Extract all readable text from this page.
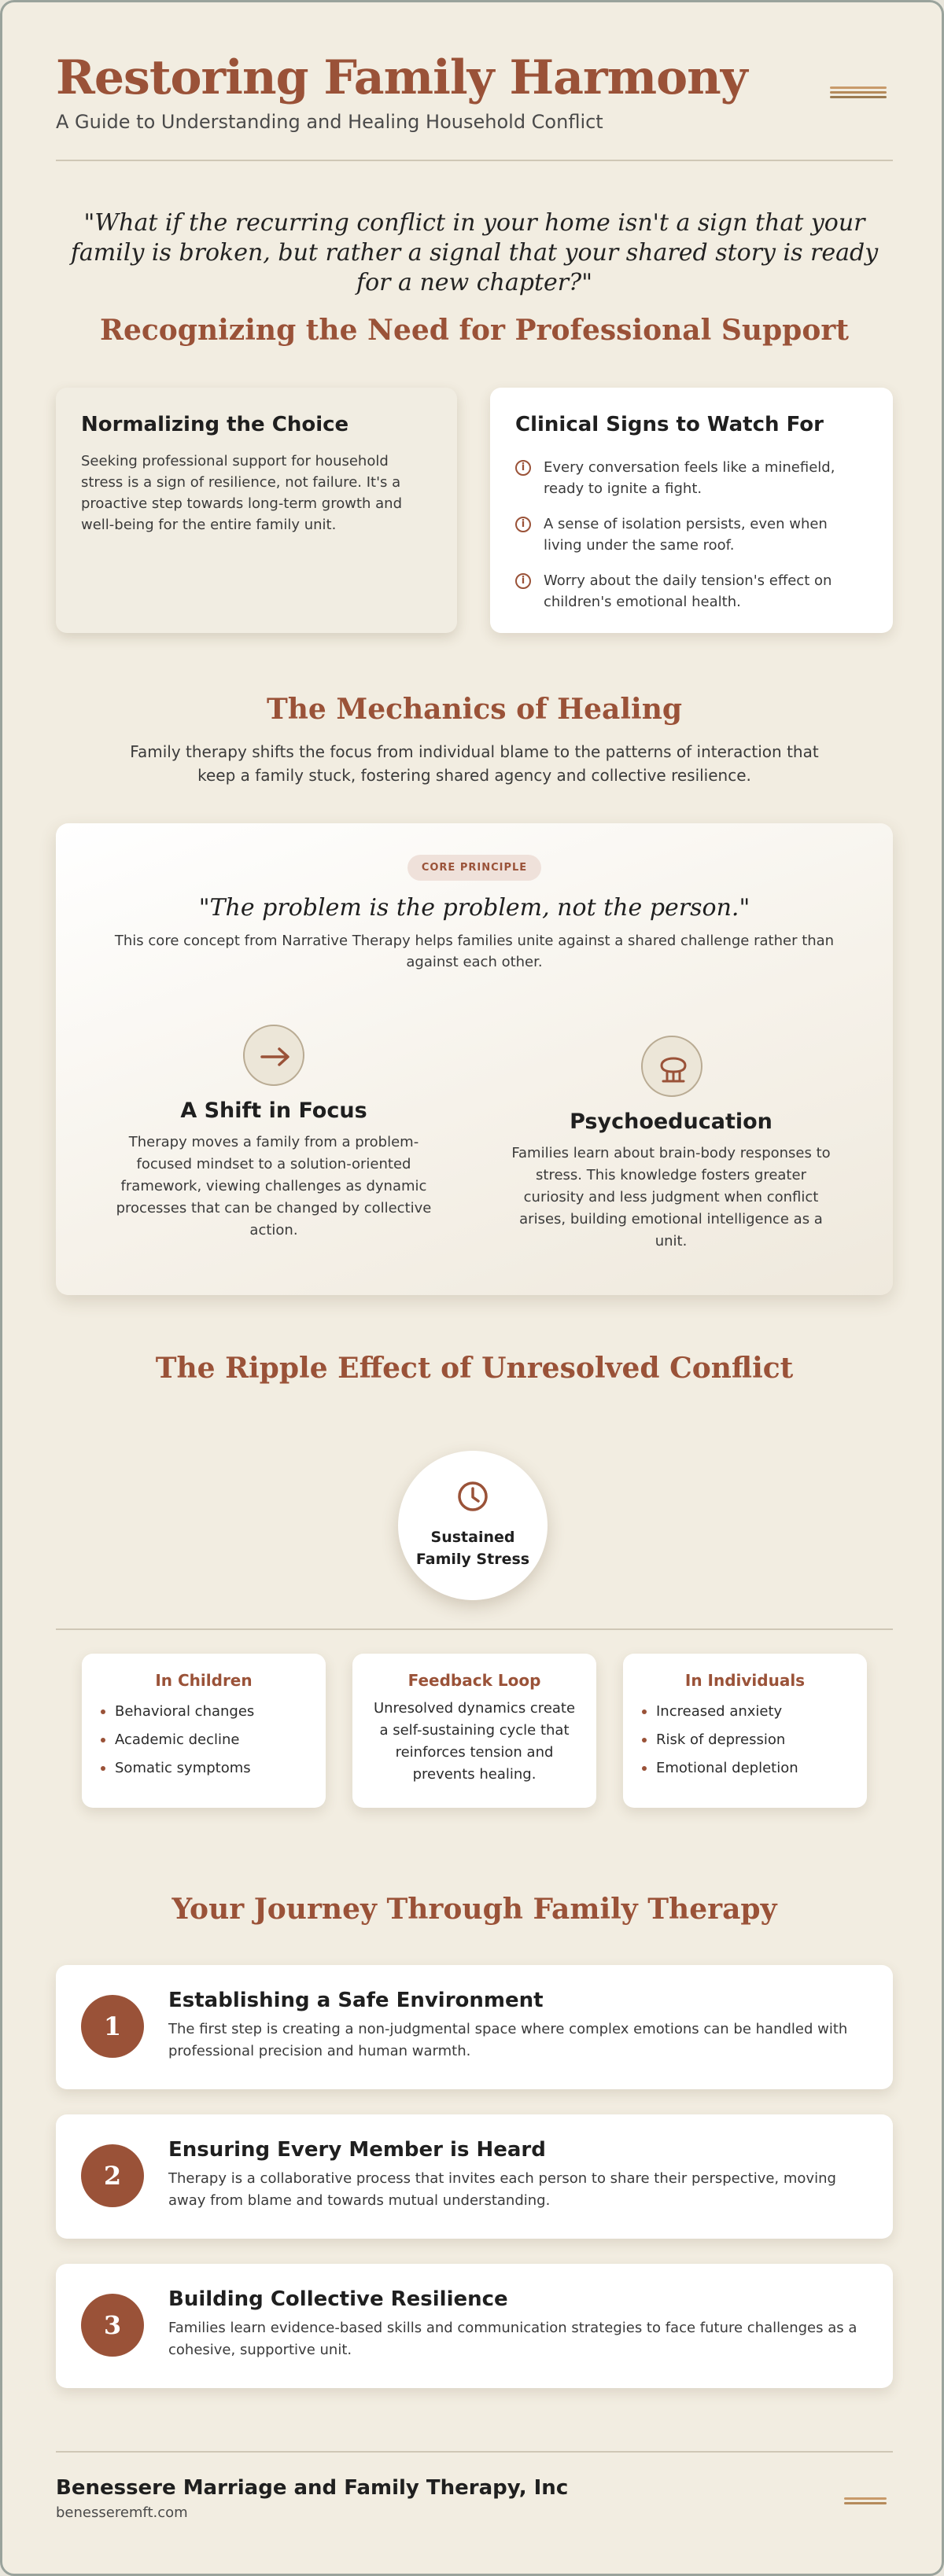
Restoring Family Harmony
A Guide to Understanding and Healing Household Conflict
"What if the recurring conflict in your home isn't a sign that your family is broken, but rather a signal that your shared story is ready for a new chapter?"
Recognizing the Need for Professional Support
Normalizing the Choice

Seeking professional support for household stress is a sign of resilience, not failure. It's a proactive step towards long-term growth and well-being for the entire family unit.

Clinical Signs to Watch For
i	Every conversation feels like a minefield, ready to ignite a fight.
i	A sense of isolation persists, even when living under the same roof.
i	Worry about the daily tension's effect on children's emotional health.
The Mechanics of Healing
Family therapy shifts the focus from individual blame to the patterns of interaction that keep a family stuck, fostering shared agency and collective resilience.
CORE PRINCIPLE
"The problem is the problem, not the person."
This core concept from Narrative Therapy helps families unite against a shared challenge rather than against each other.
A Shift in Focus
Therapy moves a family from a problem-focused mindset to a solution-oriented framework, viewing challenges as dynamic processes that can be changed by collective action.
Psychoeducation
Families learn about brain-body responses to stress. This knowledge fosters greater curiosity and less judgment when conflict arises, building emotional intelligence as a unit.
The Ripple Effect of Unresolved Conflict
Sustained
Family Stress
In Children
Behavioral changes
Academic decline
Somatic symptoms
Feedback Loop
Unresolved dynamics create a self-sustaining cycle that reinforces tension and prevents healing.
In Individuals
Increased anxiety
Risk of depression
Emotional depletion
Your Journey Through Family Therapy
1
Establishing a Safe Environment
The first step is creating a non-judgmental space where complex emotions can be handled with professional precision and human warmth.
2
Ensuring Every Member is Heard
Therapy is a collaborative process that invites each person to share their perspective, moving away from blame and towards mutual understanding.
3
Building Collective Resilience
Families learn evidence-based skills and communication strategies to face future challenges as a cohesive, supportive unit.
Benessere Marriage and Family Therapy, Inc
benesseremft.com
